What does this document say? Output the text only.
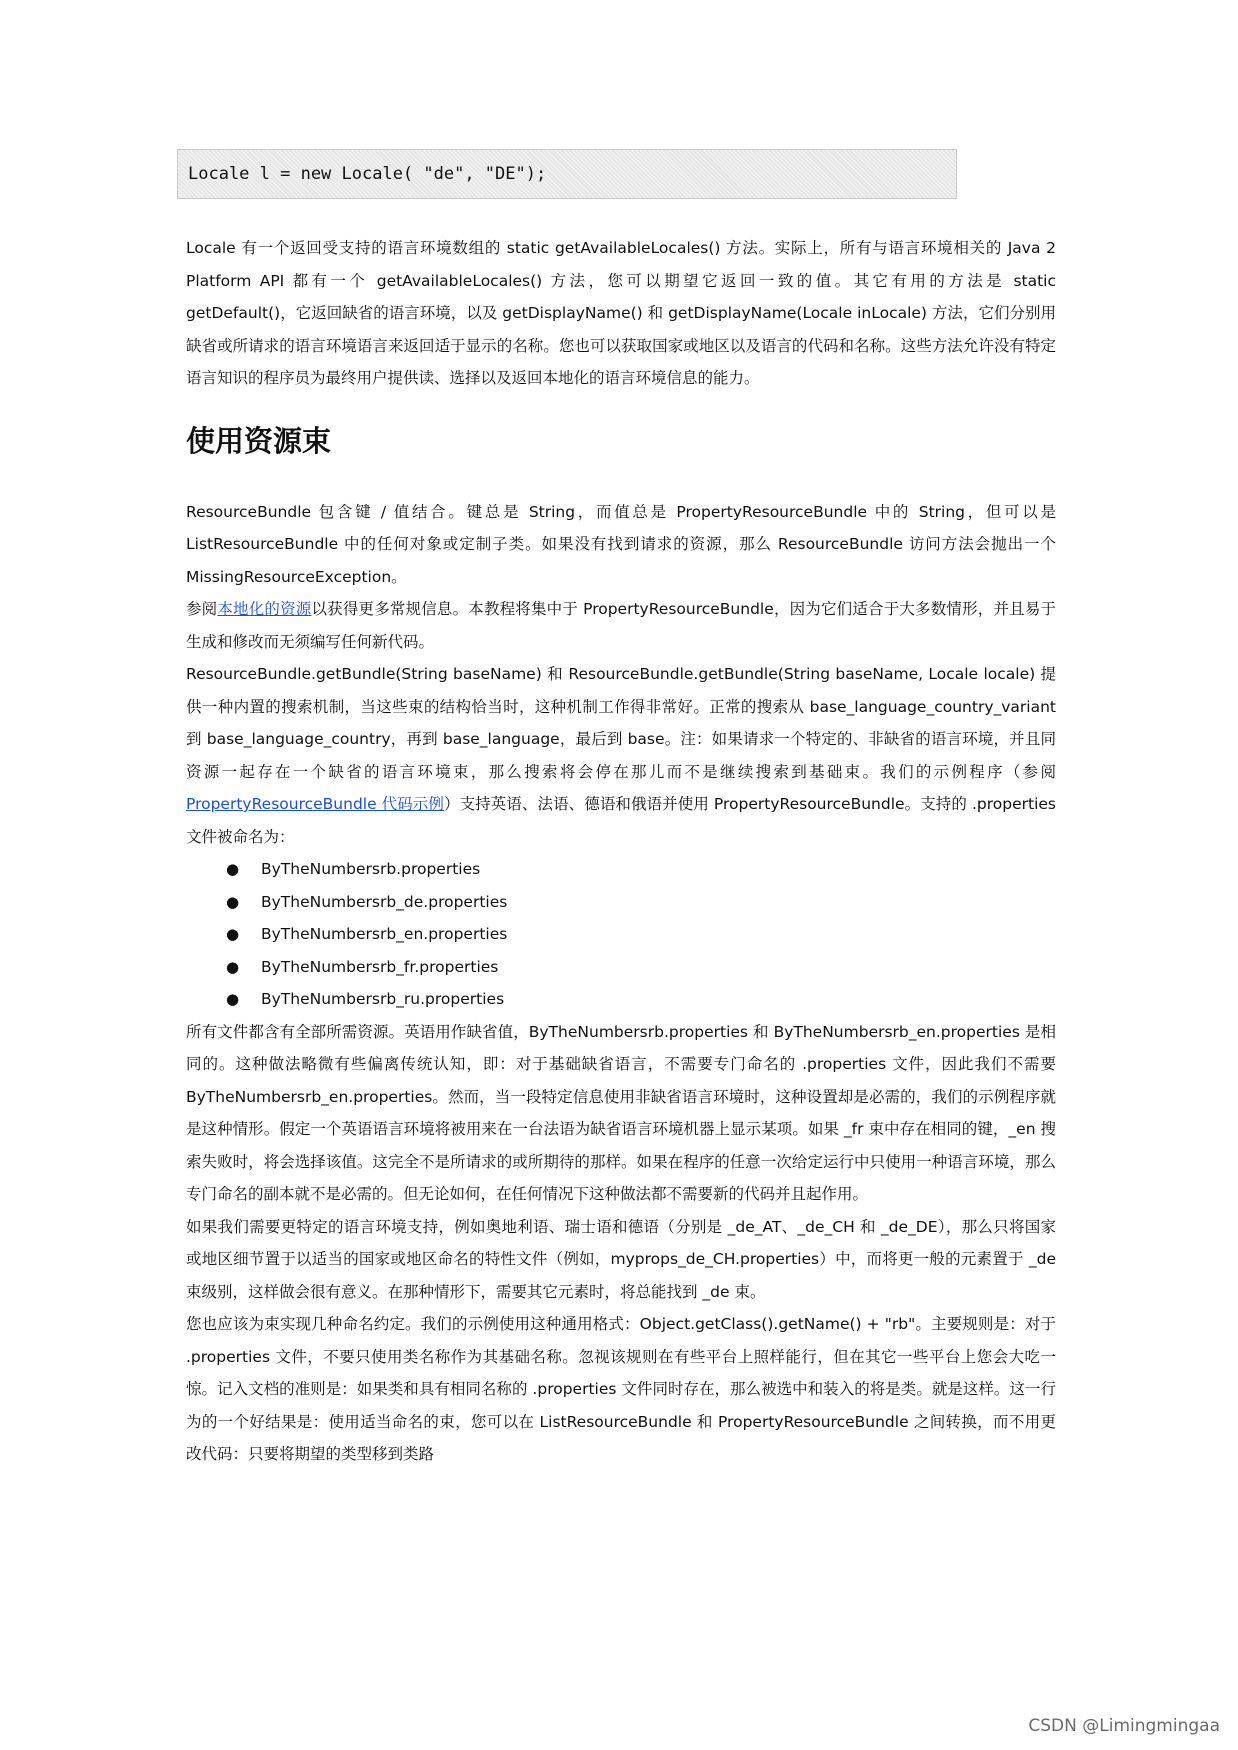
Locale l = new Locale( "de", "DE");

Locale 有一个返回受支持的语言环境数组的 static getAvailableLocales() 方法。实际上，所有与语言环境相关的 Java 2 Platform API 都有一个 getAvailableLocales() 方法，您可以期望它返回一致的值。其它有用的方法是 static getDefault()，它返回缺省的语言环境，以及 getDisplayName() 和 getDisplayName(Locale inLocale) 方法，它们分别用缺省或所请求的语言环境语言来返回适于显示的名称。您也可以获取国家或地区以及语言的代码和名称。这些方法允许没有特定语言知识的程序员为最终用户提供读、选择以及返回本地化的语言环境信息的能力。

使用资源束

ResourceBundle 包含键 / 值结合。键总是 String，而值总是 PropertyResourceBundle 中的 String，但可以是 ListResourceBundle 中的任何对象或定制子类。如果没有找到请求的资源，那么 ResourceBundle 访问方法会抛出一个 MissingResourceException。

参阅本地化的资源以获得更多常规信息。本教程将集中于 PropertyResourceBundle，因为它们适合于大多数情形，并且易于生成和修改而无须编写任何新代码。

ResourceBundle.getBundle(String baseName) 和 ResourceBundle.getBundle(String baseName, Locale locale) 提供一种内置的搜索机制，当这些束的结构恰当时，这种机制工作得非常好。正常的搜索从 base_language_country_variant 到 base_language_country，再到 base_language，最后到 base。注：如果请求一个特定的、非缺省的语言环境，并且同资源一起存在一个缺省的语言环境束，那么搜索将会停在那儿而不是继续搜索到基础束。我们的示例程序（参阅 PropertyResourceBundle 代码示例）支持英语、法语、德语和俄语并使用 PropertyResourceBundle。支持的 .properties 文件被命名为：

● ByTheNumbersrb.properties
● ByTheNumbersrb_de.properties
● ByTheNumbersrb_en.properties
● ByTheNumbersrb_fr.properties
● ByTheNumbersrb_ru.properties

所有文件都含有全部所需资源。英语用作缺省值，ByTheNumbersrb.properties 和 ByTheNumbersrb_en.properties 是相同的。这种做法略微有些偏离传统认知，即：对于基础缺省语言，不需要专门命名的 .properties 文件，因此我们不需要 ByTheNumbersrb_en.properties。然而，当一段特定信息使用非缺省语言环境时，这种设置却是必需的，我们的示例程序就是这种情形。假定一个英语语言环境将被用来在一台法语为缺省语言环境机器上显示某项。如果 _fr 束中存在相同的键，_en 搜索失败时，将会选择该值。这完全不是所请求的或所期待的那样。如果在程序的任意一次给定运行中只使用一种语言环境，那么专门命名的副本就不是必需的。但无论如何，在任何情况下这种做法都不需要新的代码并且起作用。

如果我们需要更特定的语言环境支持，例如奥地利语、瑞士语和德语（分别是 _de_AT、_de_CH 和 _de_DE），那么只将国家或地区细节置于以适当的国家或地区命名的特性文件（例如，myprops_de_CH.properties）中，而将更一般的元素置于 _de 束级别，这样做会很有意义。在那种情形下，需要其它元素时，将总能找到 _de 束。

您也应该为束实现几种命名约定。我们的示例使用这种通用格式：Object.getClass().getName() + "rb"。主要规则是：对于 .properties 文件，不要只使用类名称作为其基础名称。忽视该规则在有些平台上照样能行，但在其它一些平台上您会大吃一惊。记入文档的准则是：如果类和具有相同名称的 .properties 文件同时存在，那么被选中和装入的将是类。就是这样。这一行为的一个好结果是：使用适当命名的束，您可以在 ListResourceBundle 和 PropertyResourceBundle 之间转换，而不用更改代码：只要将期望的类型移到类路

CSDN @Limingmingaa
